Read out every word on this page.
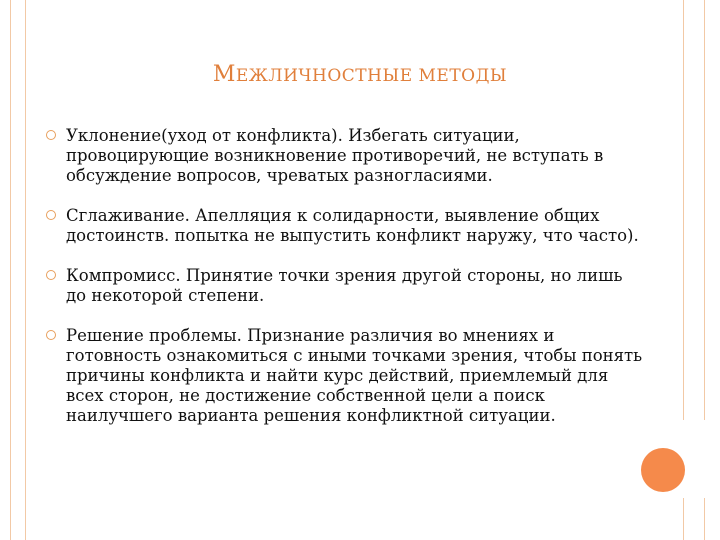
МЕЖЛИЧНОСТНЫЕ МЕТОДЫ
Уклонение(уход от конфликта). Избегать ситуации, провоцирующие возникновение противоречий, не вступать в обсуждение вопросов, чреватых разногласиями.
Сглаживание. Апелляция к солидарности, выявление общих достоинств. попытка не выпустить конфликт наружу, что часто).
Компромисс. Принятие точки зрения другой стороны, но лишь до некоторой степени.
Решение проблемы. Признание различия во мнениях и готовность ознакомиться с иными точками зрения, чтобы понять причины конфликта и найти курс действий, приемлемый для всех сторон, не достижение собственной цели а поиск наилучшего варианта решения конфликтной ситуации.
